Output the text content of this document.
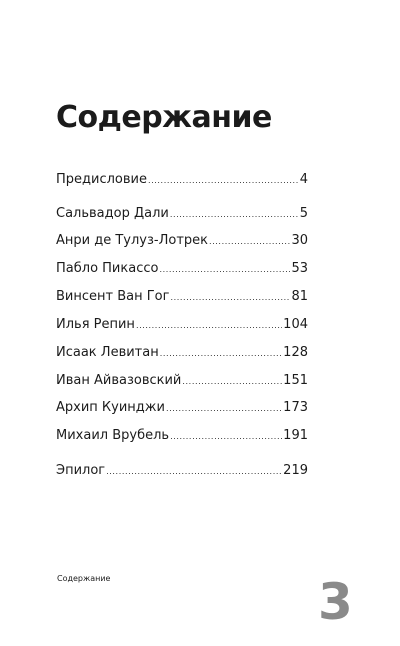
Содержание
Предисловие .....	4
Сальвадор Дали .....	5
Анри де Тулуз-Лотрек .....	30
Пабло Пикассо .....	53
Винсент Ван Гог .....	81
Илья Репин .....	104
Исаак Левитан .....	128
Иван Айвазовский .....	151
Архип Куинджи .....	173
Михаил Врубель .....	191
Эпилог .....	219
Содержание	3
